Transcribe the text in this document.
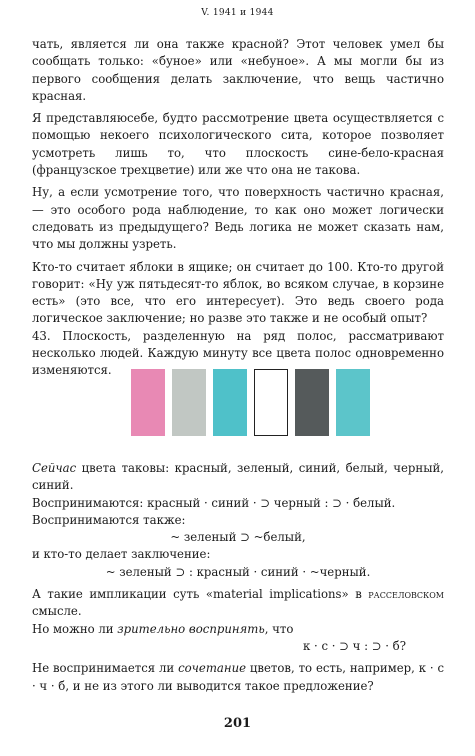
V. 1941 и 1944

чать, является ли она также красной? Этот человек умел бы сообщать только: «буное» или «небуное». А мы могли бы из первого сообщения делать заключение, что вещь частично красная.

Я представляюсебе, будто рассмотрение цвета осуществляется с помощью некоего психологического сита, которое позволяет усмотреть лишь то, что плоскость сине-бело-красная (французское трехцветие) или же что она не такова.

Ну, а если усмотрение того, что поверхность частично красная, — это особого рода наблюдение, то как оно может логически следовать из предыдущего? Ведь логика не может сказать нам, что мы должны узреть.

Кто-то считает яблоки в ящике; он считает до 100. Кто-то другой говорит: «Ну уж пятьдесят-то яблок, во всяком случае, в корзине есть» (это все, что его интересует). Это ведь своего рода логическое заключение; но разве это также и не особый опыт?

43. Плоскость, разделенную на ряд полос, рассматривают несколько людей. Каждую минуту все цвета полос одновременно изменяются.

Сейчас цвета таковы: красный, зеленый, синий, белый, черный, синий.

Воспринимаются: красный · синий · ⊃ черный : ⊃ · белый.

Воспринимаются также:

~ зеленый ⊃ ~белый,

и кто-то делает заключение:

~ зеленый ⊃ : красный · синий · ~черный.

А такие импликации суть «material implications» в расселовском смысле.

Но можно ли зрительно воспринять, что

к · с · ⊃ ч : ⊃ · б?

Не воспринимается ли сочетание цветов, то есть, например, к · с · ч · б, и не из этого ли выводится такое предложение?

201
